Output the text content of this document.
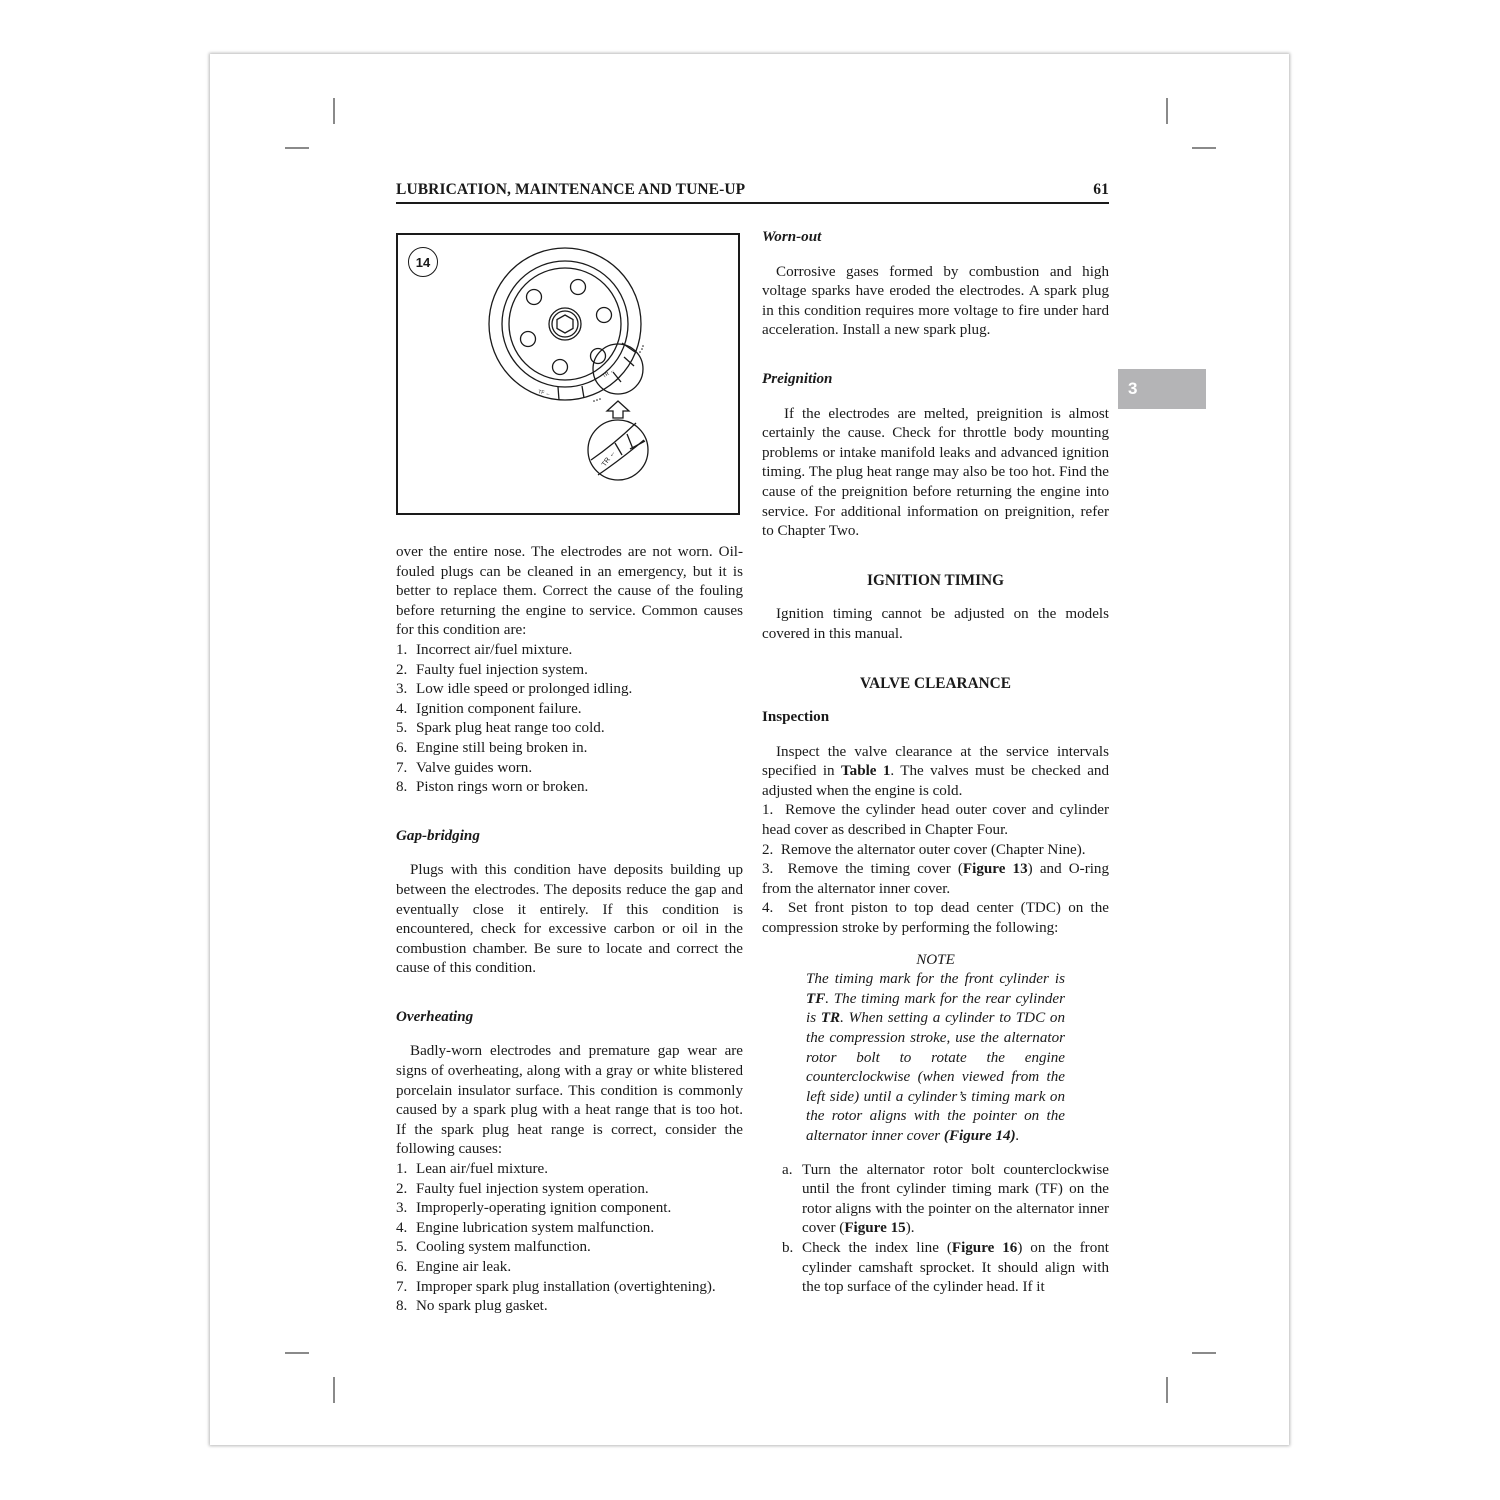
LUBRICATION, MAINTENANCE AND TUNE-UP	61
3
14
TF ←
TR ←
TR ←

over the entire nose. The electrodes are not worn. Oil-fouled plugs can be cleaned in an emergency, but it is better to replace them. Correct the cause of the fouling before returning the engine to service. Common causes for this condition are:

1. Incorrect air/fuel mixture.
2. Faulty fuel injection system.
3. Low idle speed or prolonged idling.
4. Ignition component failure.
5. Spark plug heat range too cold.
6. Engine still being broken in.
7. Valve guides worn.
8. Piston rings worn or broken.

Gap-bridging

Plugs with this condition have deposits building up between the electrodes. The deposits reduce the gap and eventually close it entirely. If this condition is encountered, check for excessive carbon or oil in the combustion chamber. Be sure to locate and correct the cause of this condition.

Overheating

Badly-worn electrodes and premature gap wear are signs of overheating, along with a gray or white blistered porcelain insulator surface. This condition is commonly caused by a spark plug with a heat range that is too hot. If the spark plug heat range is correct, consider the following causes:

1. Lean air/fuel mixture.
2. Faulty fuel injection system operation.
3. Improperly-operating ignition component.
4. Engine lubrication system malfunction.
5. Cooling system malfunction.
6. Engine air leak.
7. Improper spark plug installation (overtightening).
8. No spark plug gasket.

Worn-out

Corrosive gases formed by combustion and high voltage sparks have eroded the electrodes. A spark plug in this condition requires more voltage to fire under hard acceleration. Install a new spark plug.

Preignition

If the electrodes are melted, preignition is almost certainly the cause. Check for throttle body mounting problems or intake manifold leaks and advanced ignition timing. The plug heat range may also be too hot. Find the cause of the preignition before returning the engine into service. For additional information on preignition, refer to Chapter Two.

IGNITION TIMING

Ignition timing cannot be adjusted on the models covered in this manual.

VALVE CLEARANCE

Inspection

Inspect the valve clearance at the service intervals specified in Table 1. The valves must be checked and adjusted when the engine is cold.

1. Remove the cylinder head outer cover and cylinder head cover as described in Chapter Four.

2. Remove the alternator outer cover (Chapter Nine).

3. Remove the timing cover (Figure 13) and O-ring from the alternator inner cover.

4. Set front piston to top dead center (TDC) on the compression stroke by performing the following:

NOTE

The timing mark for the front cylinder is TF. The timing mark for the rear cylinder is TR. When setting a cylinder to TDC on the compression stroke, use the alternator rotor bolt to rotate the engine counterclockwise (when viewed from the left side) until a cylinder’s timing mark on the rotor aligns with the pointer on the alternator inner cover (Figure 14).

a. Turn the alternator rotor bolt counterclockwise until the front cylinder timing mark (TF) on the rotor aligns with the pointer on the alternator inner cover (Figure 15).
b. Check the index line (Figure 16) on the front cylinder camshaft sprocket. It should align with the top surface of the cylinder head. If it
